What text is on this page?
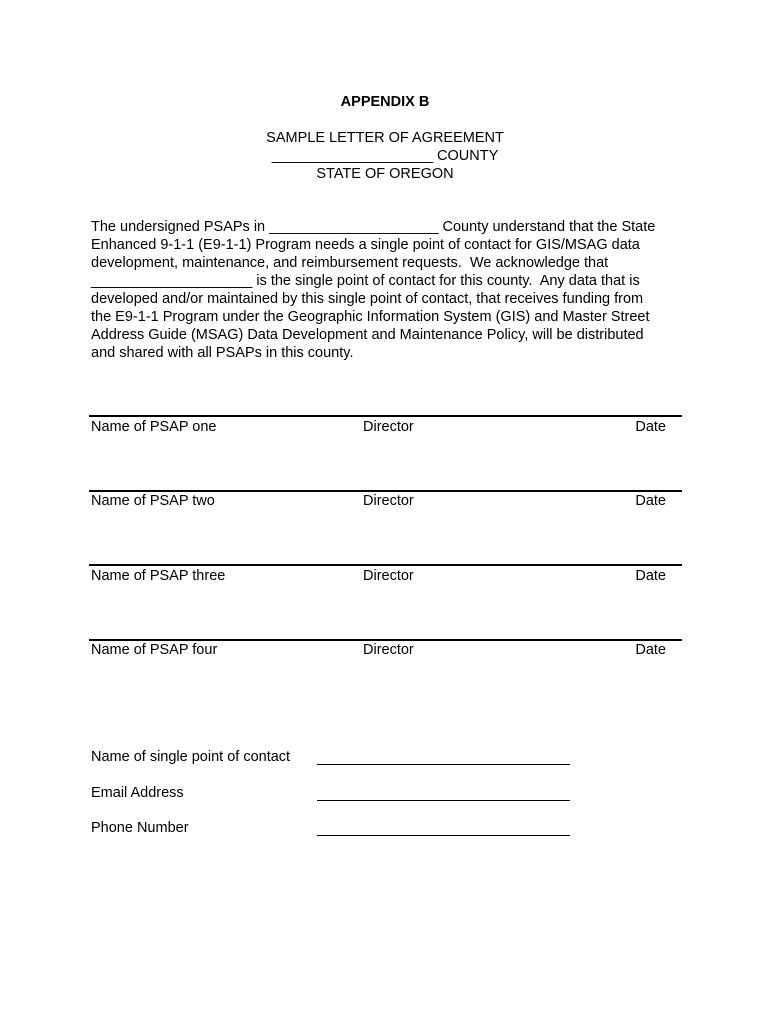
APPENDIX B
SAMPLE LETTER OF AGREEMENT
____________________ COUNTY
STATE OF OREGON
The undersigned PSAPs in _____________________ County understand that the State
Enhanced 9-1-1 (E9-1-1) Program needs a single point of contact for GIS/MSAG data
development, maintenance, and reimbursement requests.  We acknowledge that
____________________ is the single point of contact for this county.  Any data that is
developed and/or maintained by this single point of contact, that receives funding from
the E9-1-1 Program under the Geographic Information System (GIS) and Master Street
Address Guide (MSAG) Data Development and Maintenance Policy, will be distributed
and shared with all PSAPs in this county.
Name of PSAP one	Director	Date
Name of PSAP two	Director	Date
Name of PSAP three	Director	Date
Name of PSAP four	Director	Date
Name of single point of contact
Email Address
Phone Number
